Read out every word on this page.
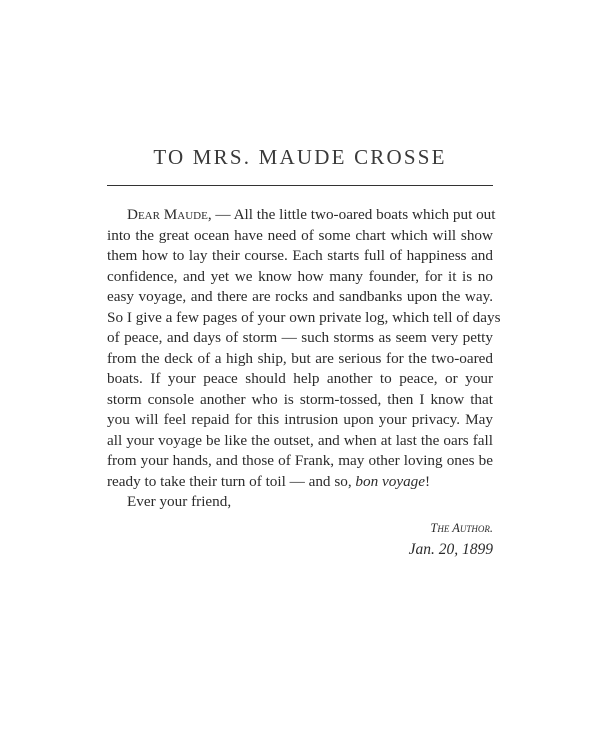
TO MRS. MAUDE CROSSE
Dear Maude, — All the little two-oared boats which put out
into the great ocean have need of some chart which will show
them how to lay their course. Each starts full of happiness and
confidence, and yet we know how many founder, for it is no
easy voyage, and there are rocks and sandbanks upon the way.
So I give a few pages of your own private log, which tell of days
of peace, and days of storm — such storms as seem very petty
from the deck of a high ship, but are serious for the two-oared
boats. If your peace should help another to peace, or your
storm console another who is storm-tossed, then I know that
you will feel repaid for this intrusion upon your privacy. May
all your voyage be like the outset, and when at last the oars fall
from your hands, and those of Frank, may other loving ones be
ready to take their turn of toil — and so, bon voyage!
Ever your friend,
The Author.
Jan. 20, 1899
